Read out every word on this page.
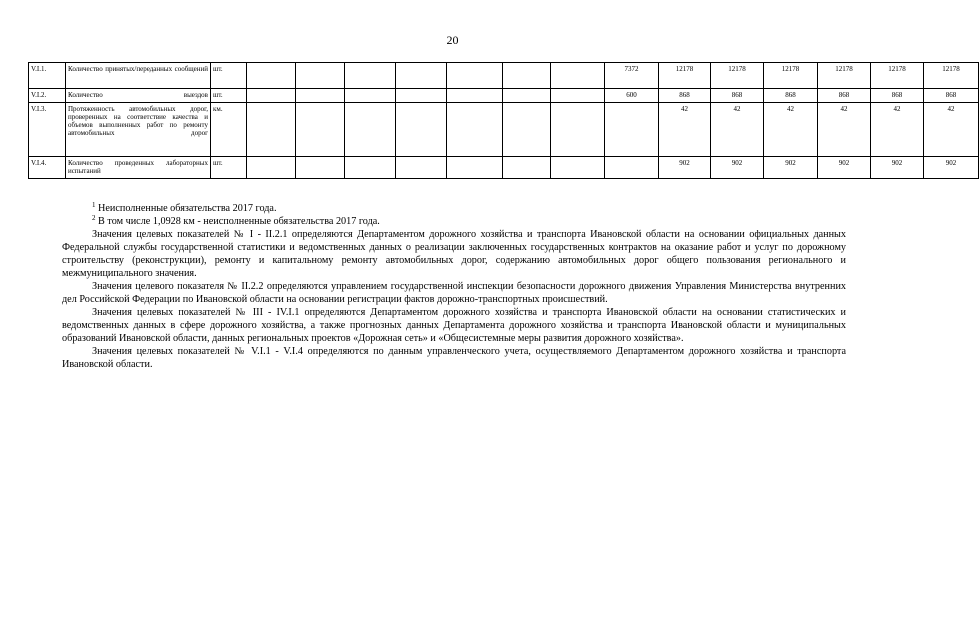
20
V.I.1.	Количество принятых/переданных сообщений	шт.								7372	12178	12178	12178	12178	12178	12178
V.I.2.	Количество выездов	шт.								600	868	868	868	868	868	868
V.I.3.	Протяженность автомобильных дорог, проверенных на соответствие качества и объемов выполненных работ по ремонту автомобильных дорог	км.									42	42	42	42	42	42
V.I.4.	Количество проведенных лабораторных испытаний	шт.									902	902	902	902	902	902

$^1$ Неисполненные обязательства 2017 года.

$^2$ В том числе 1,0928 км - неисполненные обязательства 2017 года.

Значения целевых показателей № I - II.2.1 определяются Департаментом дорожного хозяйства и транспорта Ивановской области на основании официальных данных Федеральной службы государственной статистики и ведомственных данных о реализации заключенных государственных контрактов на оказание работ и услуг по дорожному строительству (реконструкции), ремонту и капитальному ремонту автомобильных дорог, содержанию автомобильных дорог общего пользования регионального и межмуниципального значения.

Значения целевого показателя № II.2.2 определяются управлением государственной инспекции безопасности дорожного движения Управления Министерства внутренних дел Российской Федерации по Ивановской области на основании регистрации фактов дорожно-транспортных происшествий.

Значения целевых показателей № III - IV.I.1 определяются Департаментом дорожного хозяйства и транспорта Ивановской области на основании статистических и ведомственных данных в сфере дорожного хозяйства, а также прогнозных данных Департамента дорожного хозяйства и транспорта Ивановской области и муниципальных образований Ивановской области, данных региональных проектов «Дорожная сеть» и «Общесистемные меры развития дорожного хозяйства».

Значения целевых показателей № V.I.1 - V.I.4 определяются по данным управленческого учета, осуществляемого Департаментом дорожного хозяйства и транспорта Ивановской области.
